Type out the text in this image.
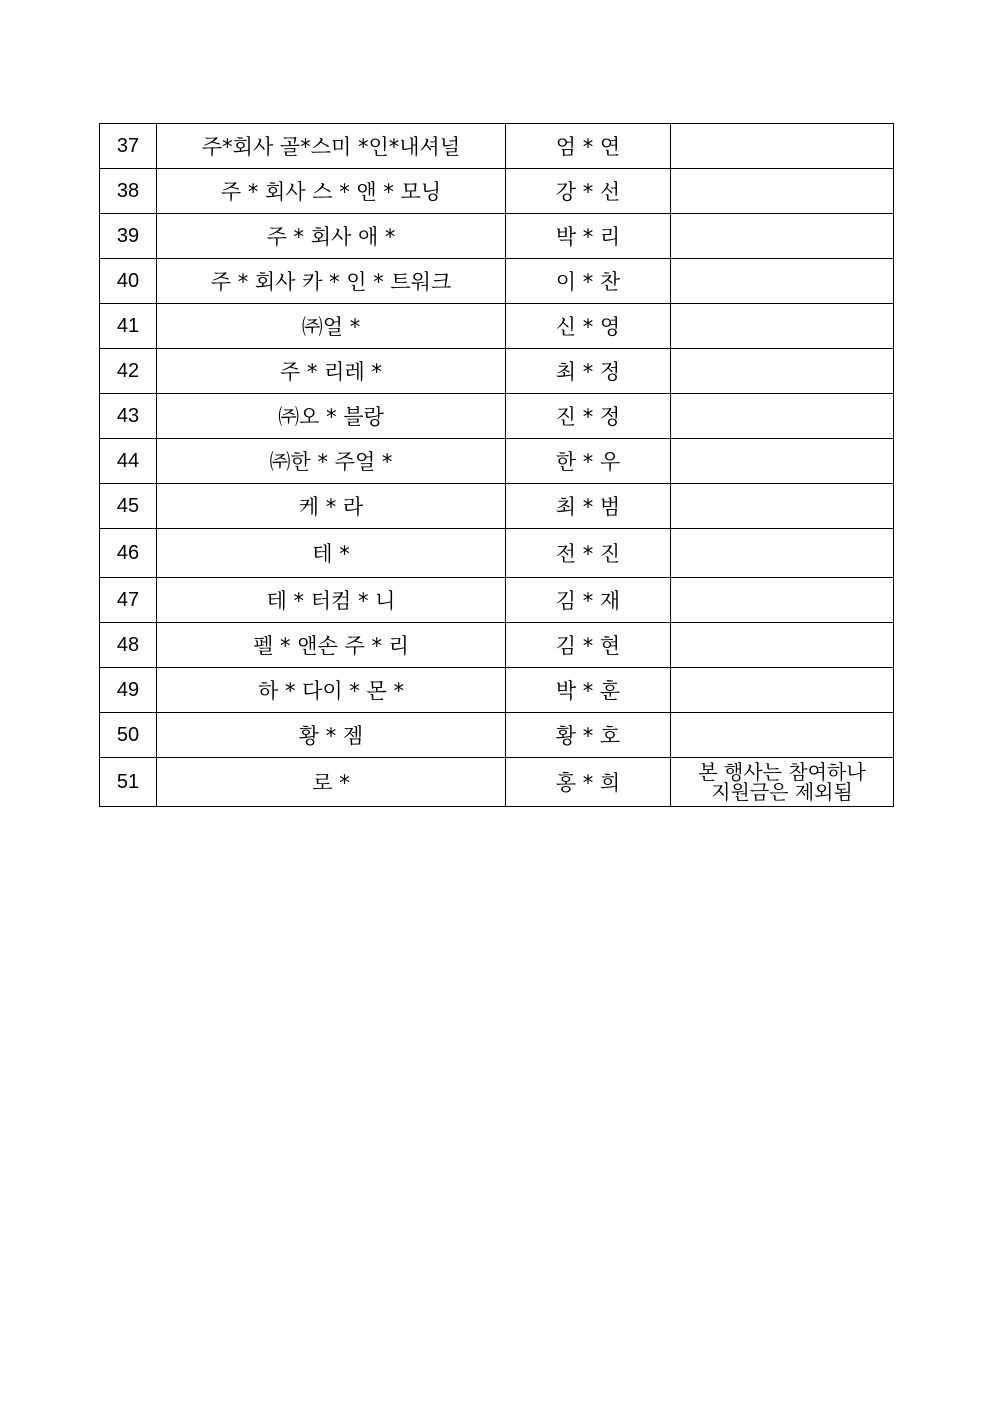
37	주*회사 골*스미 *인*내셔널	엄 * 연	
38	주 * 회사 스 * 앤 * 모닝	강 * 선	
39	주 * 회사 애 *	박 * 리	
40	주 * 회사 카 * 인 * 트워크	이 * 찬	
41	㈜얼 *	신 * 영	
42	주 * 리레 *	최 * 정	
43	㈜오 * 블랑	진 * 정	
44	㈜한 * 주얼 *	한 * 우	
45	케 * 라	최 * 범	
46	테 *	전 * 진	
47	테 * 터컴 * 니	김 * 재	
48	펠 * 앤손 주 * 리	김 * 현	
49	하 * 다이 * 몬 *	박 * 훈	
50	황 * 젬	황 * 호	
51	로 *	홍 * 희	본 행사는 참여하나
지원금은 제외됨
